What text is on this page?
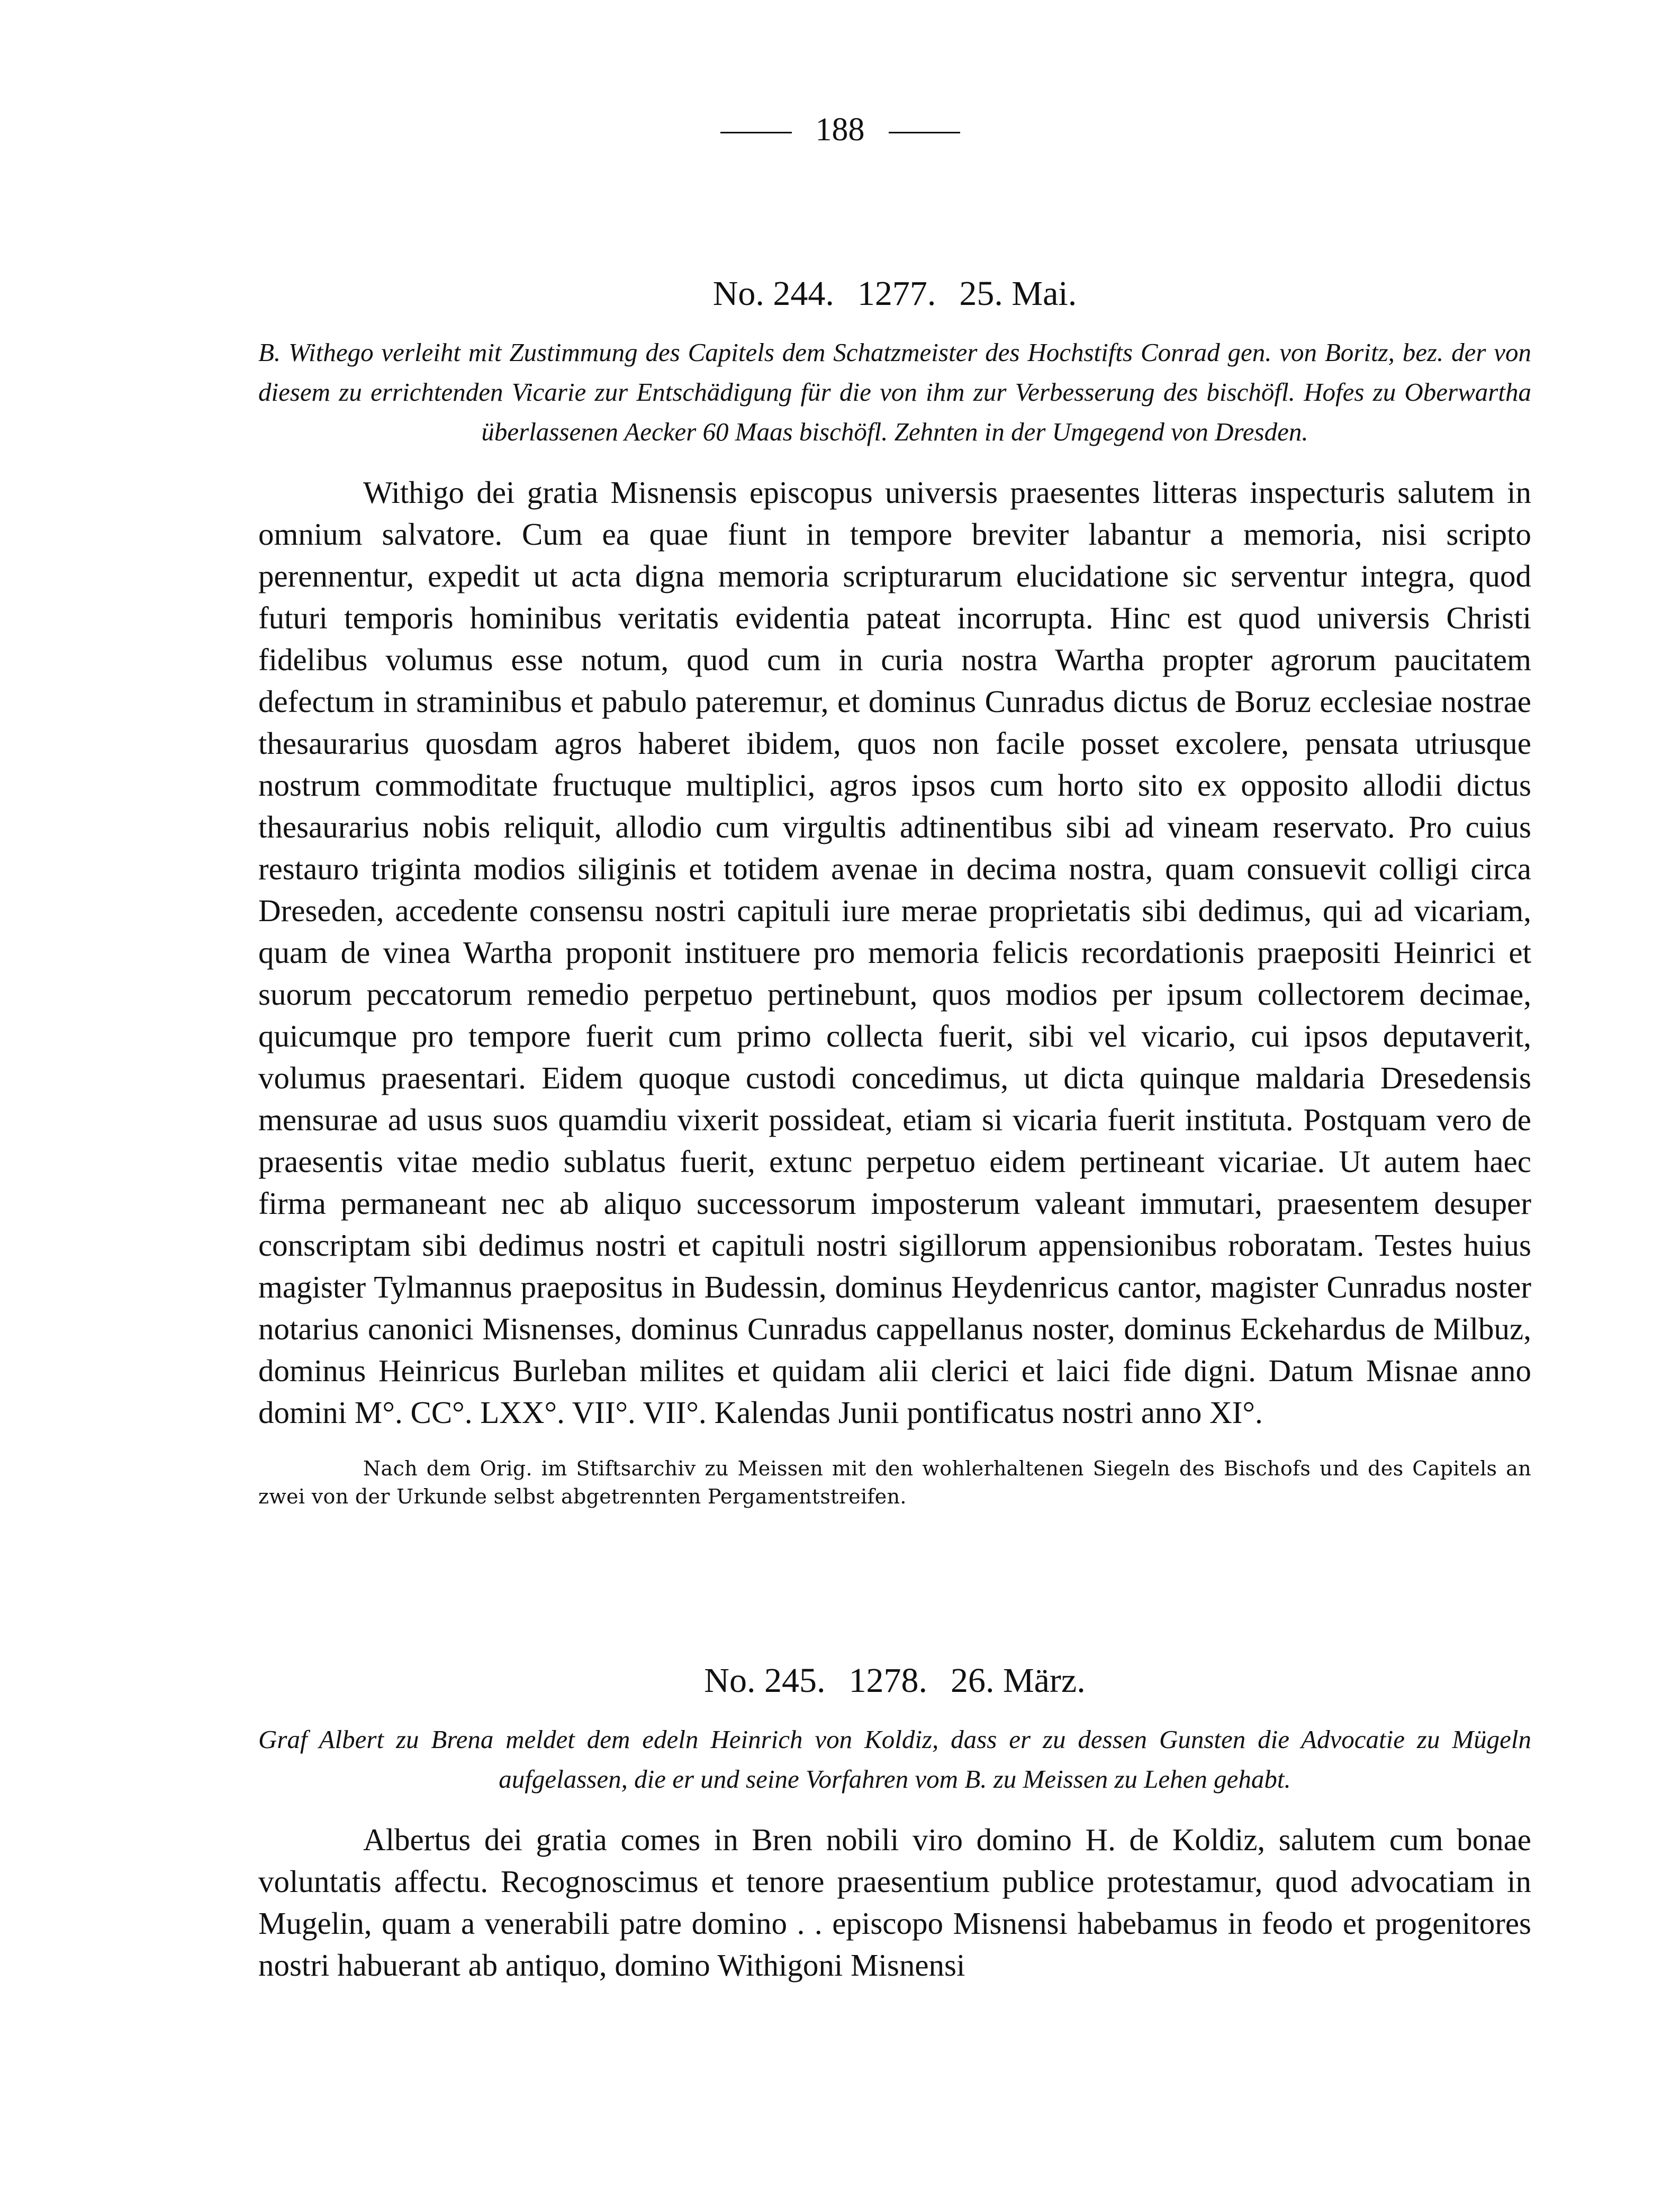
188
No. 244. 1277. 25. Mai.

B. Withego verleiht mit Zustimmung des Capitels dem Schatzmeister des Hochstifts Conrad gen. von Boritz, bez. der von diesem zu errichtenden Vicarie zur Entschädigung für die von ihm zur Verbesserung des bischöfl. Hofes zu Oberwartha überlassenen Aecker 60 Maas bischöfl. Zehnten in der Umgegend von Dresden.

Withigo dei gratia Misnensis episcopus universis praesentes litteras inspecturis salutem in omnium salvatore. Cum ea quae fiunt in tempore breviter labantur a memoria, nisi scripto perennentur, expedit ut acta digna memoria scripturarum elucidatione sic serventur integra, quod futuri temporis hominibus veritatis evidentia pateat incorrupta. Hinc est quod universis Christi fidelibus volumus esse notum, quod cum in curia nostra Wartha propter agrorum paucitatem defectum in straminibus et pabulo pateremur, et dominus Cunradus dictus de Boruz ecclesiae nostrae thesaurarius quosdam agros haberet ibidem, quos non facile posset excolere, pensata utriusque nostrum commoditate fructuque multiplici, agros ipsos cum horto sito ex opposito allodii dictus thesaurarius nobis reliquit, allodio cum virgultis adtinentibus sibi ad vineam reservato. Pro cuius restauro triginta modios siliginis et totidem avenae in decima nostra, quam consuevit colligi circa Dreseden, accedente consensu nostri capituli iure merae proprietatis sibi dedimus, qui ad vicariam, quam de vinea Wartha proponit instituere pro memoria felicis recordationis praepositi Heinrici et suorum peccatorum remedio perpetuo pertinebunt, quos modios per ipsum collectorem decimae, quicumque pro tempore fuerit cum primo collecta fuerit, sibi vel vicario, cui ipsos deputaverit, volumus praesentari. Eidem quoque custodi concedimus, ut dicta quinque maldaria Dresedensis mensurae ad usus suos quamdiu vixerit possideat, etiam si vicaria fuerit instituta. Postquam vero de praesentis vitae medio sublatus fuerit, extunc perpetuo eidem pertineant vicariae. Ut autem haec firma permaneant nec ab aliquo successorum imposterum valeant immutari, praesentem desuper conscriptam sibi dedimus nostri et capituli nostri sigillorum appensionibus roboratam. Testes huius magister Tylmannus praepositus in Budessin, dominus Heydenricus cantor, magister Cunradus noster notarius canonici Misnenses, dominus Cunradus cappellanus noster, dominus Eckehardus de Milbuz, dominus Heinricus Burleban milites et quidam alii clerici et laici fide digni. Datum Misnae anno domini M°. CC°. LXX°. VII°. VII°. Kalendas Junii pontificatus nostri anno XI°.

Nach dem Orig. im Stiftsarchiv zu Meissen mit den wohlerhaltenen Siegeln des Bischofs und des Capitels an zwei von der Urkunde selbst abgetrennten Pergamentstreifen.

No. 245. 1278. 26. März.

Graf Albert zu Brena meldet dem edeln Heinrich von Koldiz, dass er zu dessen Gunsten die Advocatie zu Mügeln aufgelassen, die er und seine Vorfahren vom B. zu Meissen zu Lehen gehabt.

Albertus dei gratia comes in Bren nobili viro domino H. de Koldiz, salutem cum bonae voluntatis affectu. Recognoscimus et tenore praesentium publice protestamur, quod advocatiam in Mugelin, quam a venerabili patre domino . . episcopo Misnensi habebamus in feodo et progenitores nostri habuerant ab antiquo, domino Withigoni Misnensi
